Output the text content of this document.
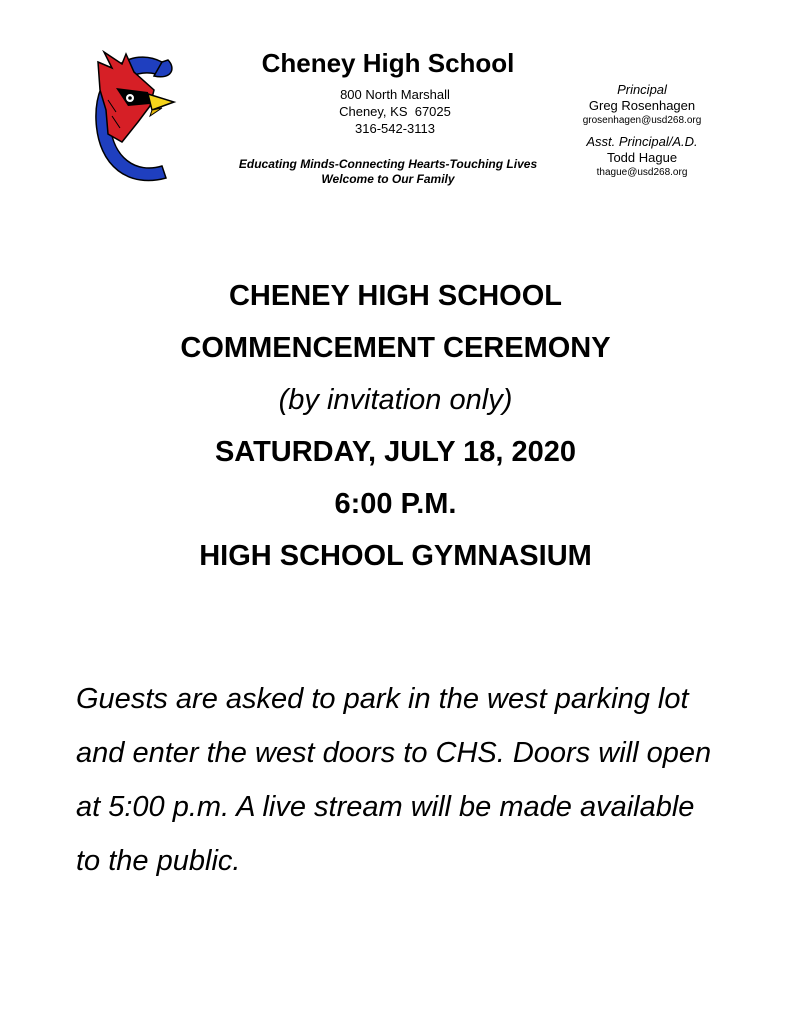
Cheney High School
800 North Marshall
Cheney, KS  67025
316-542-3113
Educating Minds-Connecting Hearts-Touching Lives
Welcome to Our Family
Principal
Greg Rosenhagen
grosenhagen@usd268.org
Asst. Principal/A.D.
Todd Hague
thague@usd268.org
CHENEY HIGH SCHOOL
COMMENCEMENT CEREMONY
(by invitation only)
SATURDAY, JULY 18, 2020
6:00 P.M.
HIGH SCHOOL GYMNASIUM
Guests are asked to park in the west parking lot and enter the west doors to CHS. Doors will open at 5:00 p.m. A live stream will be made available to the public.
